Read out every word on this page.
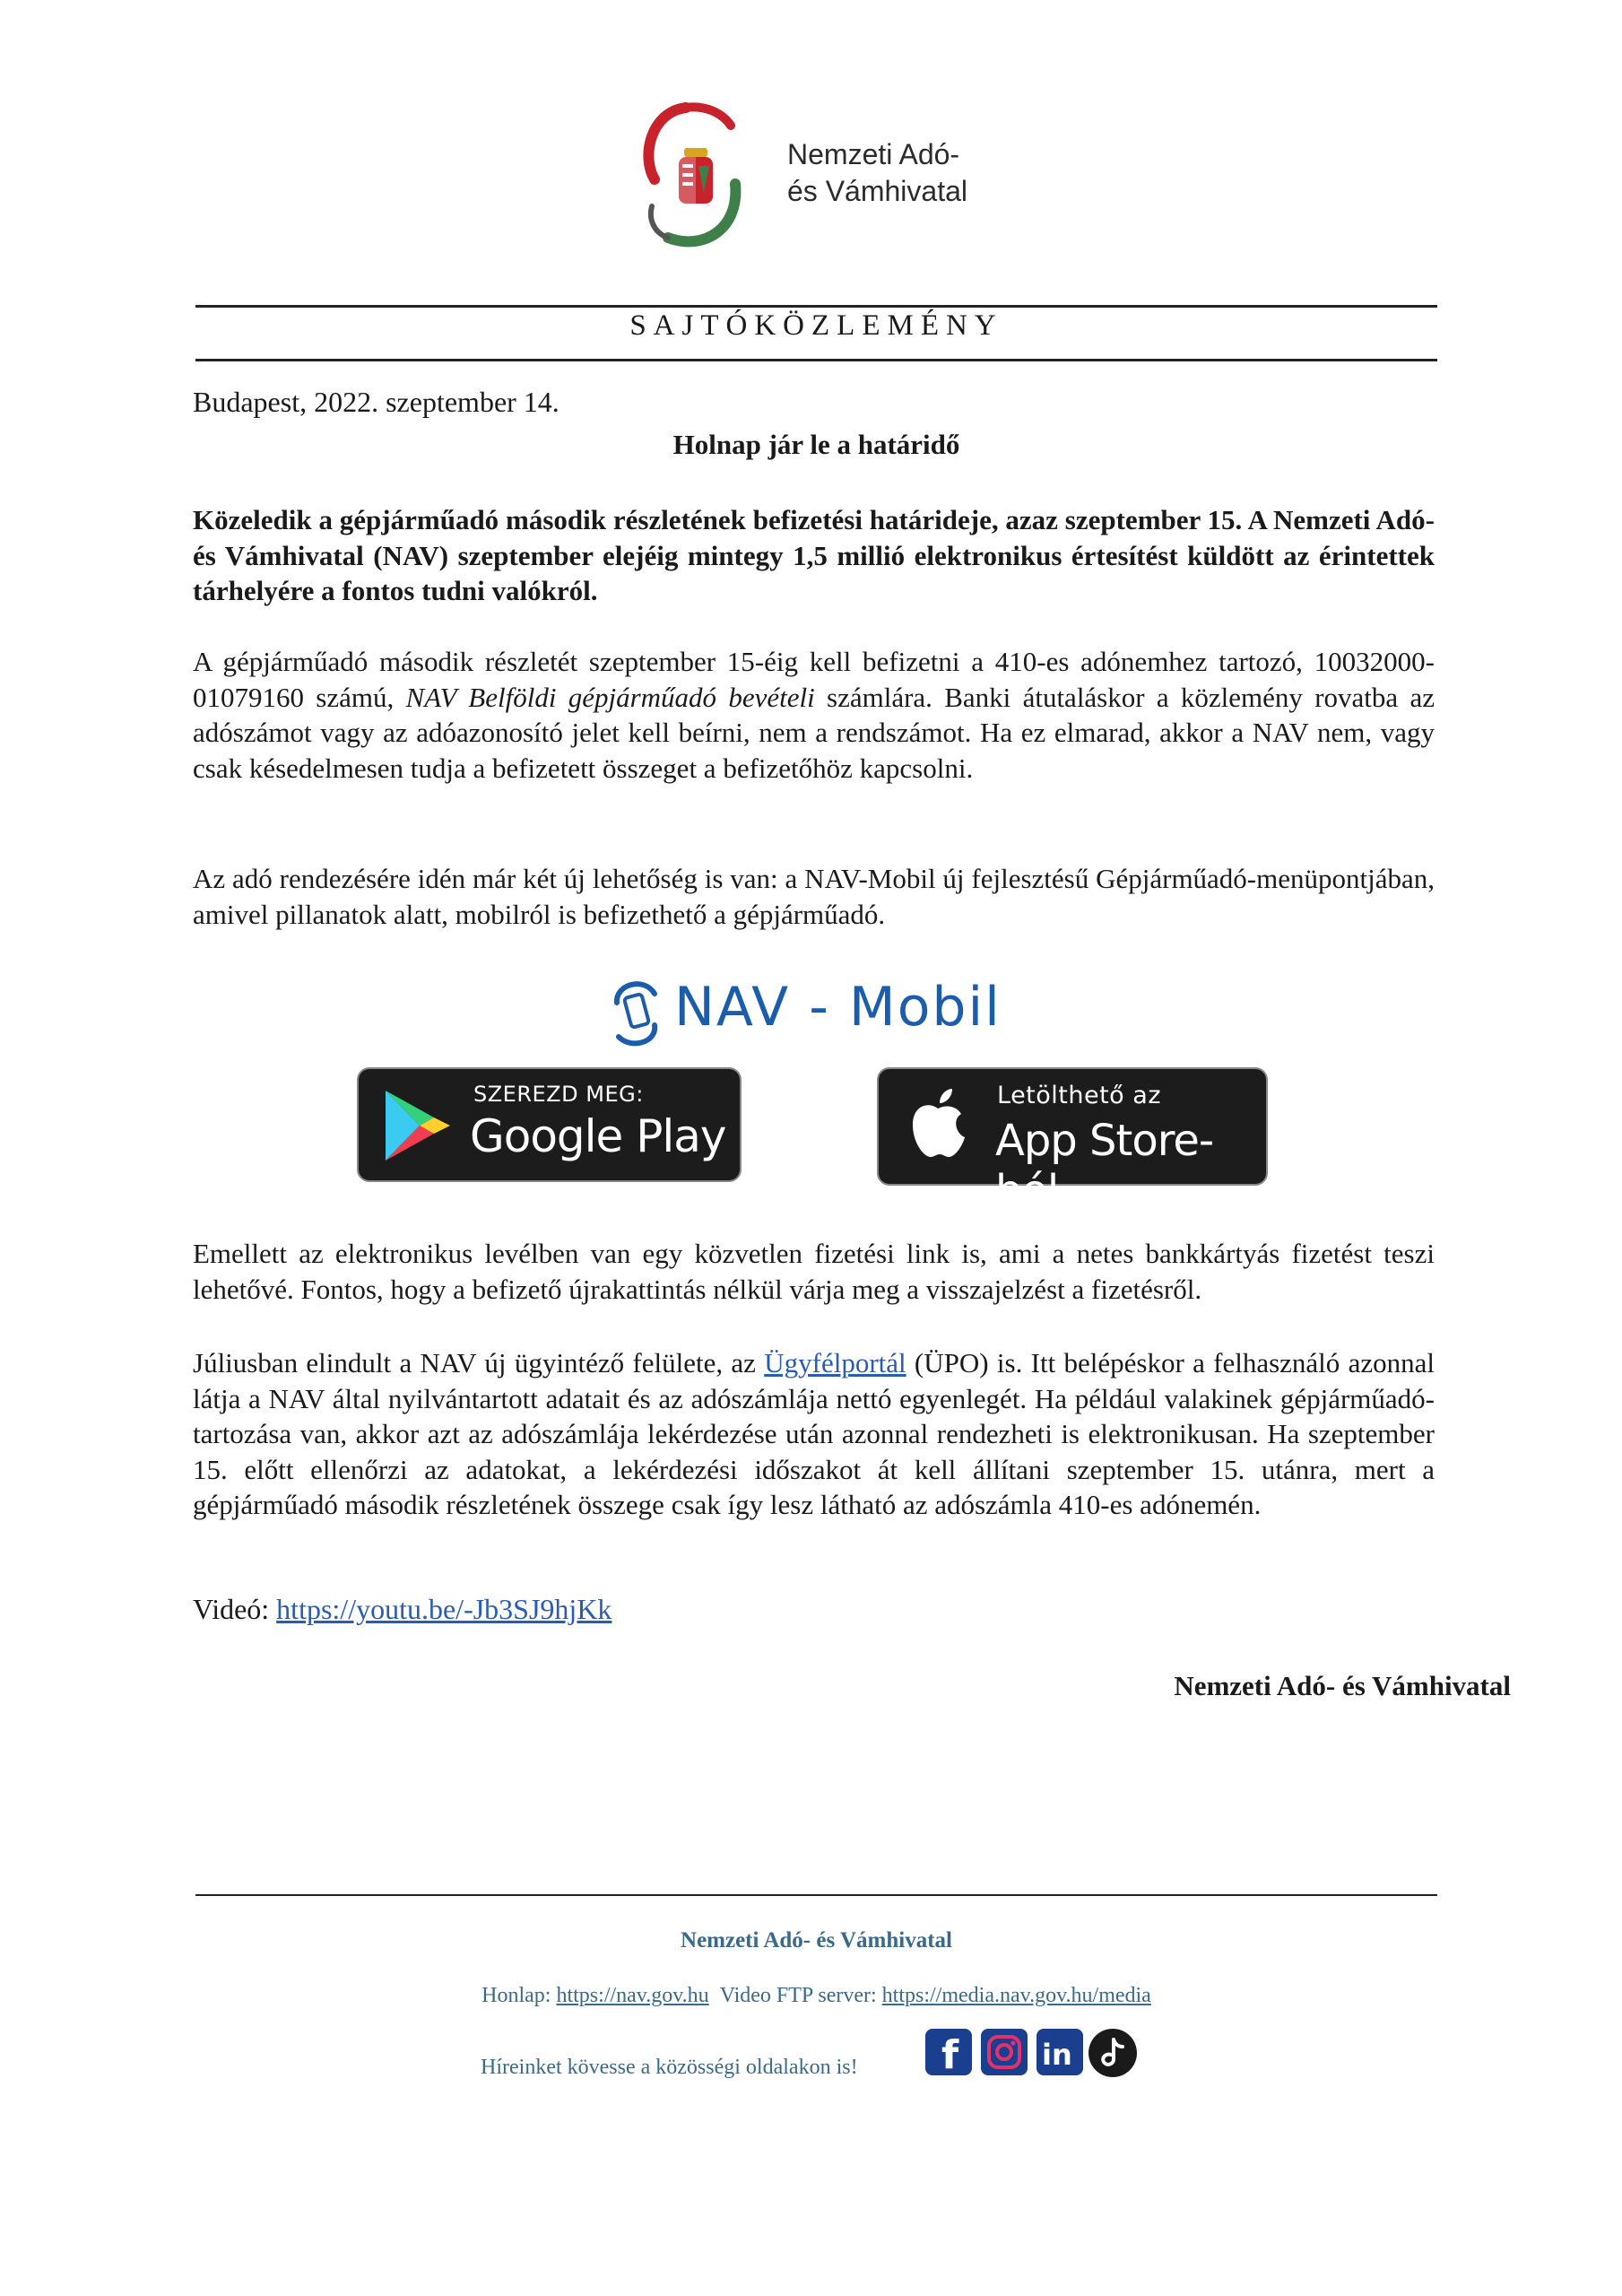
Nemzeti Adó-
és Vámhivatal
SAJTÓKÖZLEMÉNY
Budapest, 2022. szeptember 14.
Holnap jár le a határidő
Közeledik a gépjárműadó második részletének befizetési határideje, azaz szeptember 15. A Nemzeti Adó- és Vámhivatal (NAV) szeptember elejéig mintegy 1,5 millió elektronikus értesítést küldött az érintettek tárhelyére a fontos tudni valókról.
A gépjárműadó második részletét szeptember 15-éig kell befizetni a 410-es adónemhez tartozó, 10032000-01079160 számú, NAV Belföldi gépjárműadó bevételi számlára. Banki átutaláskor a közlemény rovatba az adószámot vagy az adóazonosító jelet kell beírni, nem a rendszámot. Ha ez elmarad, akkor a NAV nem, vagy csak késedelmesen tudja a befizetett összeget a befizetőhöz kapcsolni.
Az adó rendezésére idén már két új lehetőség is van: a NAV-Mobil új fejlesztésű Gépjárműadó-menüpontjában, amivel pillanatok alatt, mobilról is befizethető a gépjárműadó.
NAV - Mobil
SZEREZD MEG:
Google Play
Letölthető az
App Store-ból
Emellett az elektronikus levélben van egy közvetlen fizetési link is, ami a netes bankkártyás fizetést teszi lehetővé. Fontos, hogy a befizető újrakattintás nélkül várja meg a visszajelzést a fizetésről.
Júliusban elindult a NAV új ügyintéző felülete, az Ügyfélportál (ÜPO) is. Itt belépéskor a felhasználó azonnal látja a NAV által nyilvántartott adatait és az adószámlája nettó egyenlegét. Ha például valakinek gépjárműadó-tartozása van, akkor azt az adószámlája lekérdezése után azonnal rendezheti is elektronikusan. Ha szeptember 15. előtt ellenőrzi az adatokat, a lekérdezési időszakot át kell állítani szeptember 15. utánra, mert a gépjárműadó második részletének összege csak így lesz látható az adószámla 410-es adónemén.
Videó: https://youtu.be/-Jb3SJ9hjKk
Nemzeti Adó- és Vámhivatal
Nemzeti Adó- és Vámhivatal
Honlap: https://nav.gov.hu Video FTP server: https://media.nav.gov.hu/media
Híreinket kövesse a közösségi oldalakon is! f	in
